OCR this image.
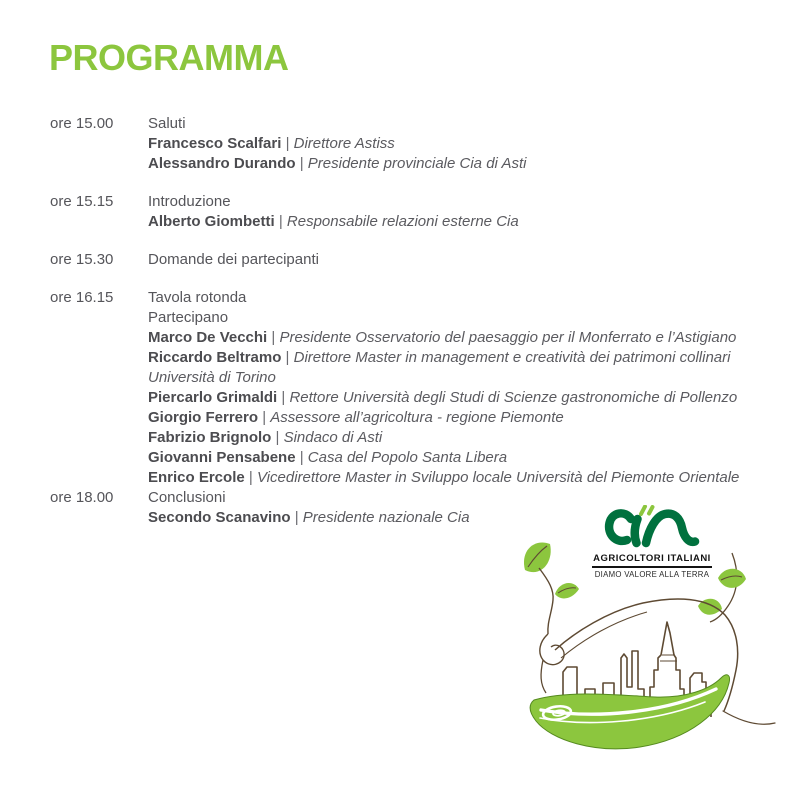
PROGRAMMA
ore 15.00	Saluti
Francesco Scalfari | Direttore Astiss
Alessandro Durando | Presidente provinciale Cia di Asti
ore 15.15	Introduzione
Alberto Giombetti | Responsabile relazioni esterne Cia
ore 15.30	Domande dei partecipanti
ore 16.15	Tavola rotonda
Partecipano
Marco De Vecchi | Presidente Osservatorio del paesaggio per il Monferrato e l’Astigiano
Riccardo Beltramo | Direttore Master in management e creatività dei patrimoni collinari
Università di Torino
Piercarlo Grimaldi | Rettore Università degli Studi di Scienze gastronomiche di Pollenzo
Giorgio Ferrero | Assessore all’agricoltura - regione Piemonte
Fabrizio Brignolo | Sindaco di Asti
Giovanni Pensabene | Casa del Popolo Santa Libera
Enrico Ercole | Vicedirettore Master in Sviluppo locale Università del Piemonte Orientale
ore 18.00	Conclusioni
Secondo Scanavino | Presidente nazionale Cia
AGRICOLTORI ITALIANI
DIAMO VALORE ALLA TERRA
